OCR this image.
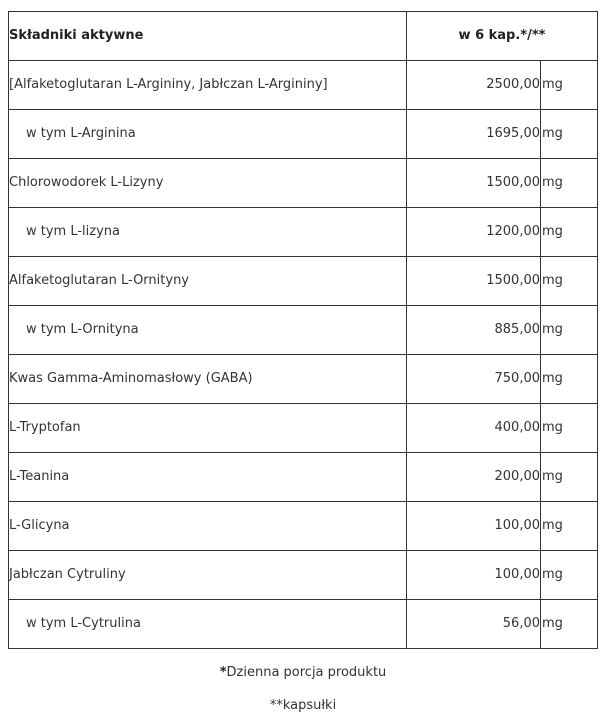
Składniki aktywne	w 6 kap.*/**
[Alfaketoglutaran L-Argininy, Jabłczan L-Argininy]	2500,00 mg
w tym L-Arginina	1695,00 mg
Chlorowodorek L-Lizyny	1500,00 mg
w tym L-lizyna	1200,00 mg
Alfaketoglutaran L-Ornityny	1500,00 mg
w tym L-Ornityna	885,00 mg
Kwas Gamma-Aminomasłowy (GABA)	750,00 mg
L-Tryptofan	400,00 mg
L-Teanina	200,00 mg
L-Glicyna	100,00 mg
Jabłczan Cytruliny	100,00 mg
w tym L-Cytrulina	56,00 mg
*Dzienna porcja produktu
**kapsułki
